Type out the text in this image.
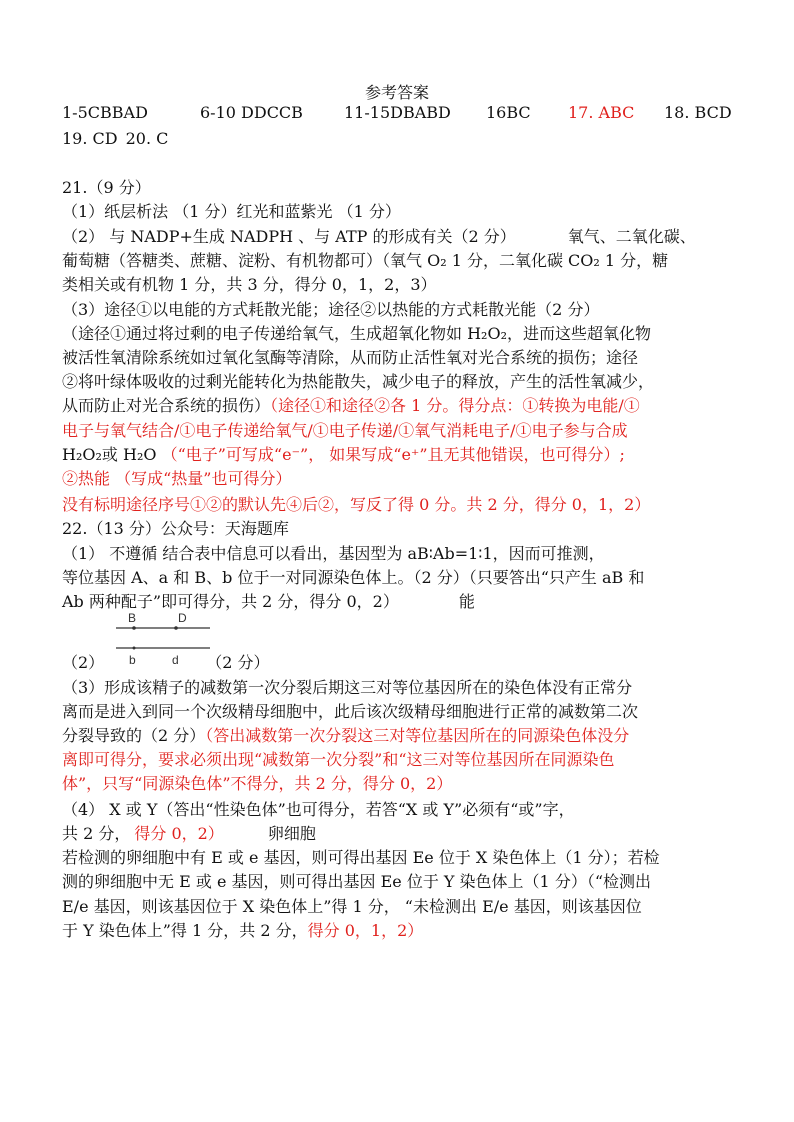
参考答案
1-5CBBAD	6-10 DDCCB	11-15DBABD 16BC 17. ABC 18. BCD
19. CD 20. C
21.（9 分）
（1）纸层析法 （1 分）红光和蓝紫光 （1 分）
（2） 与 NADP+生成 NADPH 、与 ATP 的形成有关（2 分）	氧气、二氧化碳、
葡萄糖（答糖类、蔗糖、淀粉、有机物都可）（氧气 O₂ 1 分，二氧化碳 CO₂ 1 分，糖
类相关或有机物 1 分，共 3 分，得分 0，1，2，3）
（3）途径①以电能的方式耗散光能；途径②以热能的方式耗散光能（2 分）
（途径①通过将过剩的电子传递给氧气，生成超氧化物如 H₂O₂，进而这些超氧化物
被活性氧清除系统如过氧化氢酶等清除，从而防止活性氧对光合系统的损伤；途径
②将叶绿体吸收的过剩光能转化为热能散失，减少电子的释放，产生的活性氧减少，
从而防止对光合系统的损伤）（途径①和途径②各 1 分。得分点：①转换为电能/①
电子与氧气结合/①电子传递给氧气/①电子传递/①氧气消耗电子/①电子参与合成
H₂O₂或 H₂O （“电子”可写成“e⁻”， 如果写成“e⁺”且无其他错误，也可得分）;
②热能 （写成“热量”也可得分）
没有标明途径序号①②的默认先④后②，写反了得 0 分。共 2 分，得分 0，1，2）
22.（13 分）公众号：天海题库
（1） 不遵循 结合表中信息可以看出，基因型为 aB∶Ab=1∶1，因而可推测，
等位基因 A、a 和 B、b 位于一对同源染色体上。（2 分）（只要答出“只产生 aB 和
Ab 两种配子”即可得分，共 2 分，得分 0，2）	能
B	D
b	d
（2）	（2 分）
（3）形成该精子的减数第一次分裂后期这三对等位基因所在的染色体没有正常分
离而是进入到同一个次级精母细胞中，此后该次级精母细胞进行正常的减数第二次
分裂导致的（2 分）（答出减数第一次分裂这三对等位基因所在的同源染色体没分
离即可得分，要求必须出现“减数第一次分裂”和“这三对等位基因所在同源染色
体”，只写“同源染色体”不得分，共 2 分，得分 0，2）
（4） X 或 Y（答出“性染色体”也可得分，若答“X 或 Y”必须有“或”字，
共 2 分， 得分 0，2）	卵细胞
若检测的卵细胞中有 E 或 e 基因，则可得出基因 Ee 位于 X 染色体上（1 分）；若检
测的卵细胞中无 E 或 e 基因，则可得出基因 Ee 位于 Y 染色体上（1 分）（“检测出
E/e 基因，则该基因位于 X 染色体上”得 1 分， “未检测出 E/e 基因，则该基因位
于 Y 染色体上”得 1 分，共 2 分，得分 0，1，2）
